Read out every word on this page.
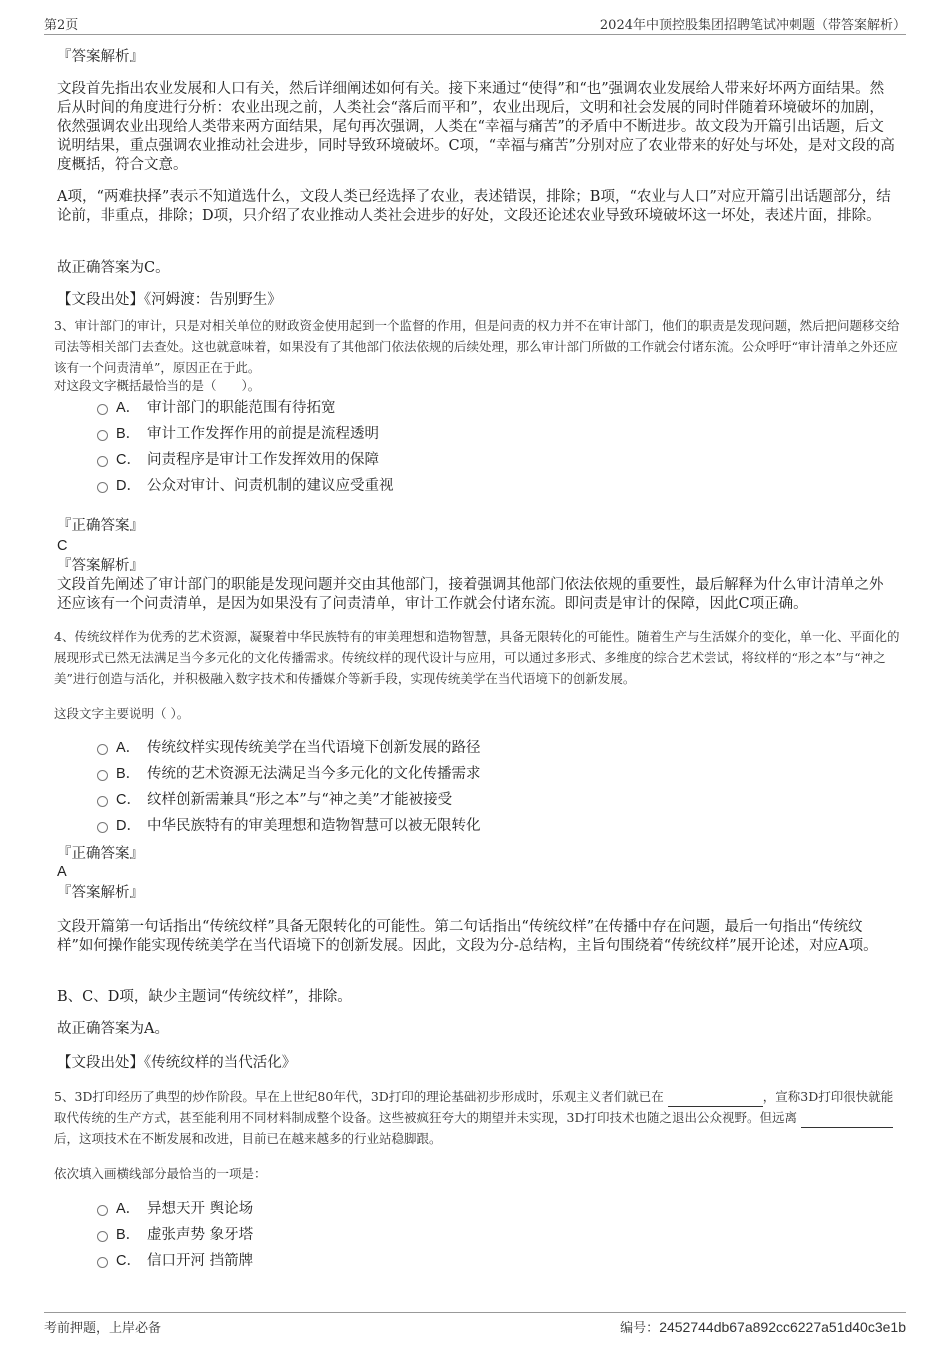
第2页	2024年中顶控股集团招聘笔试冲刺题（带答案解析）
『答案解析』
文段首先指出农业发展和人口有关，然后详细阐述如何有关。接下来通过“使得”和“也”强调农业发展给人带来好坏两方面结果。然后从时间的角度进行分析：农业出现之前，人类社会“落后而平和”，农业出现后，文明和社会发展的同时伴随着环境破坏的加剧，依然强调农业出现给人类带来两方面结果，尾句再次强调，人类在“幸福与痛苦”的矛盾中不断进步。故文段为开篇引出话题，后文说明结果，重点强调农业推动社会进步，同时导致环境破坏。C项，“幸福与痛苦”分别对应了农业带来的好处与坏处，是对文段的高度概括，符合文意。
A项，“两难抉择”表示不知道选什么，文段人类已经选择了农业，表述错误，排除；B项，“农业与人口”对应开篇引出话题部分，结论前，非重点，排除；D项，只介绍了农业推动人类社会进步的好处，文段还论述农业导致环境破坏这一坏处，表述片面，排除。
故正确答案为C。
【文段出处】《河姆渡：告别野生》
3、审计部门的审计，只是对相关单位的财政资金使用起到一个监督的作用，但是问责的权力并不在审计部门，他们的职责是发现问题，然后把问题移交给司法等相关部门去查处。这也就意味着，如果没有了其他部门依法依规的后续处理，那么审计部门所做的工作就会付诸东流。公众呼吁“审计清单之外还应该有一个问责清单”，原因正在于此。
对这段文字概括最恰当的是（　　）。
A． 审计部门的职能范围有待拓宽
B． 审计工作发挥作用的前提是流程透明
C． 问责程序是审计工作发挥效用的保障
D． 公众对审计、问责机制的建议应受重视
『正确答案』
C
『答案解析』
文段首先阐述了审计部门的职能是发现问题并交由其他部门，接着强调其他部门依法依规的重要性，最后解释为什么审计清单之外还应该有一个问责清单，是因为如果没有了问责清单，审计工作就会付诸东流。即问责是审计的保障，因此C项正确。
4、传统纹样作为优秀的艺术资源，凝聚着中华民族特有的审美理想和造物智慧，具备无限转化的可能性。随着生产与生活媒介的变化，单一化、平面化的展现形式已然无法满足当今多元化的文化传播需求。传统纹样的现代设计与应用，可以通过多形式、多维度的综合艺术尝试，将纹样的“形之本”与“神之美”进行创造与活化，并积极融入数字技术和传播媒介等新手段，实现传统美学在当代语境下的创新发展。
这段文字主要说明（ ）。
A． 传统纹样实现传统美学在当代语境下创新发展的路径
B． 传统的艺术资源无法满足当今多元化的文化传播需求
C． 纹样创新需兼具“形之本”与“神之美”才能被接受
D． 中华民族特有的审美理想和造物智慧可以被无限转化
『正确答案』
A
『答案解析』
文段开篇第一句话指出“传统纹样”具备无限转化的可能性。第二句话指出“传统纹样”在传播中存在问题，最后一句指出“传统纹样”如何操作能实现传统美学在当代语境下的创新发展。因此，文段为分-总结构，主旨句围绕着“传统纹样”展开论述，对应A项。
B、C、D项，缺少主题词“传统纹样”，排除。
故正确答案为A。
【文段出处】《传统纹样的当代活化》
5、3D打印经历了典型的炒作阶段。早在上世纪80年代，3D打印的理论基础初步形成时，乐观主义者们就已在	，宣称3D打印很快就能取代传统的生产方式，甚至能利用不同材料制成整个设备。这些被疯狂夸大的期望并未实现，3D打印技术也随之退出公众视野。但远离 后，这项技术在不断发展和改进，目前已在越来越多的行业站稳脚跟。
依次填入画横线部分最恰当的一项是：
A． 异想天开 舆论场
B． 虚张声势 象牙塔
C． 信口开河 挡箭牌
考前押题，上岸必备	编号：2452744db67a892cc6227a51d40c3e1b
